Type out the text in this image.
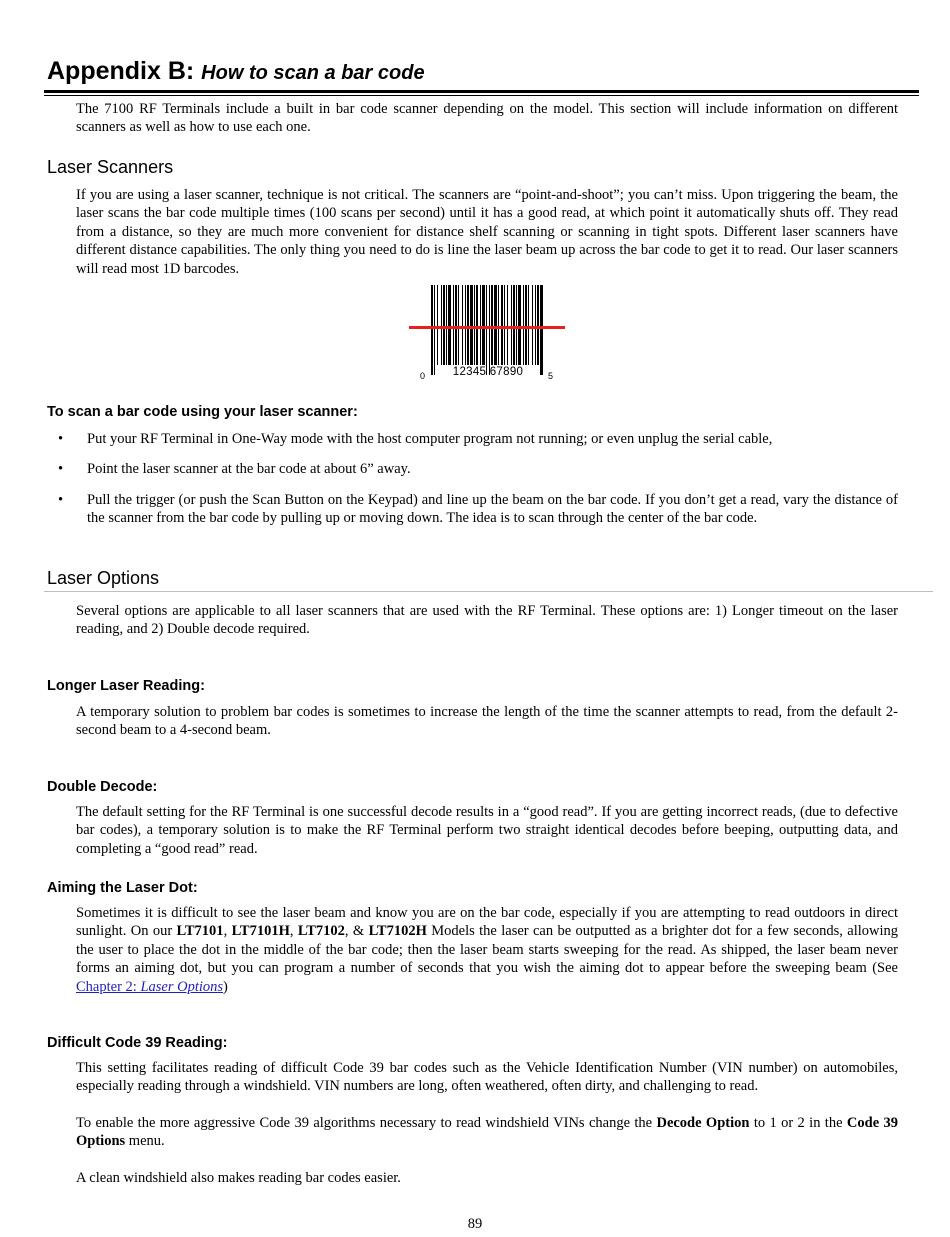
Appendix B: How to scan a bar code

The 7100 RF Terminals include a built in bar code scanner depending on the model. This section will include information on different scanners as well as how to use each one.

Laser Scanners

If you are using a laser scanner, technique is not critical. The scanners are “point-and-shoot”; you can’t miss. Upon triggering the beam, the laser scans the bar code multiple times (100 scans per second) until it has a good read, at which point it automatically shuts off. They read from a distance, so they are much more convenient for distance shelf scanning or scanning in tight spots. Different laser scanners have different distance capabilities. The only thing you need to do is line the laser beam up across the bar code to get it to read. Our laser scanners will read most 1D barcodes.

0 12345 67890	5
To scan a bar code using your laser scanner:
• Put your RF Terminal in One-Way mode with the host computer program not running; or even unplug the serial cable,
• Point the laser scanner at the bar code at about 6” away.
• Pull the trigger (or push the Scan Button on the Keypad) and line up the beam on the bar code. If you don’t get a read, vary the distance of the scanner from the bar code by pulling up or moving down. The idea is to scan through the center of the bar code.
Laser Options

Several options are applicable to all laser scanners that are used with the RF Terminal. These options are: 1) Longer timeout on the laser reading, and 2) Double decode required.

Longer Laser Reading:

A temporary solution to problem bar codes is sometimes to increase the length of the time the scanner attempts to read, from the default 2-second beam to a 4-second beam.

Double Decode:

The default setting for the RF Terminal is one successful decode results in a “good read”. If you are getting incorrect reads, (due to defective bar codes), a temporary solution is to make the RF Terminal perform two straight identical decodes before beeping, outputting data, and completing a “good read” read.

Aiming the Laser Dot:

Sometimes it is difficult to see the laser beam and know you are on the bar code, especially if you are attempting to read outdoors in direct sunlight. On our LT7101, LT7101H, LT7102, & LT7102H Models the laser can be outputted as a brighter dot for a few seconds, allowing the user to place the dot in the middle of the bar code; then the laser beam starts sweeping for the read. As shipped, the laser beam never forms an aiming dot, but you can program a number of seconds that you wish the aiming dot to appear before the sweeping beam (See Chapter 2: Laser Options)

Difficult Code 39 Reading:

This setting facilitates reading of difficult Code 39 bar codes such as the Vehicle Identification Number (VIN number) on automobiles, especially reading through a windshield. VIN numbers are long, often weathered, often dirty, and challenging to read.

To enable the more aggressive Code 39 algorithms necessary to read windshield VINs change the Decode Option to 1 or 2 in the Code 39 Options menu.

A clean windshield also makes reading bar codes easier.

89
